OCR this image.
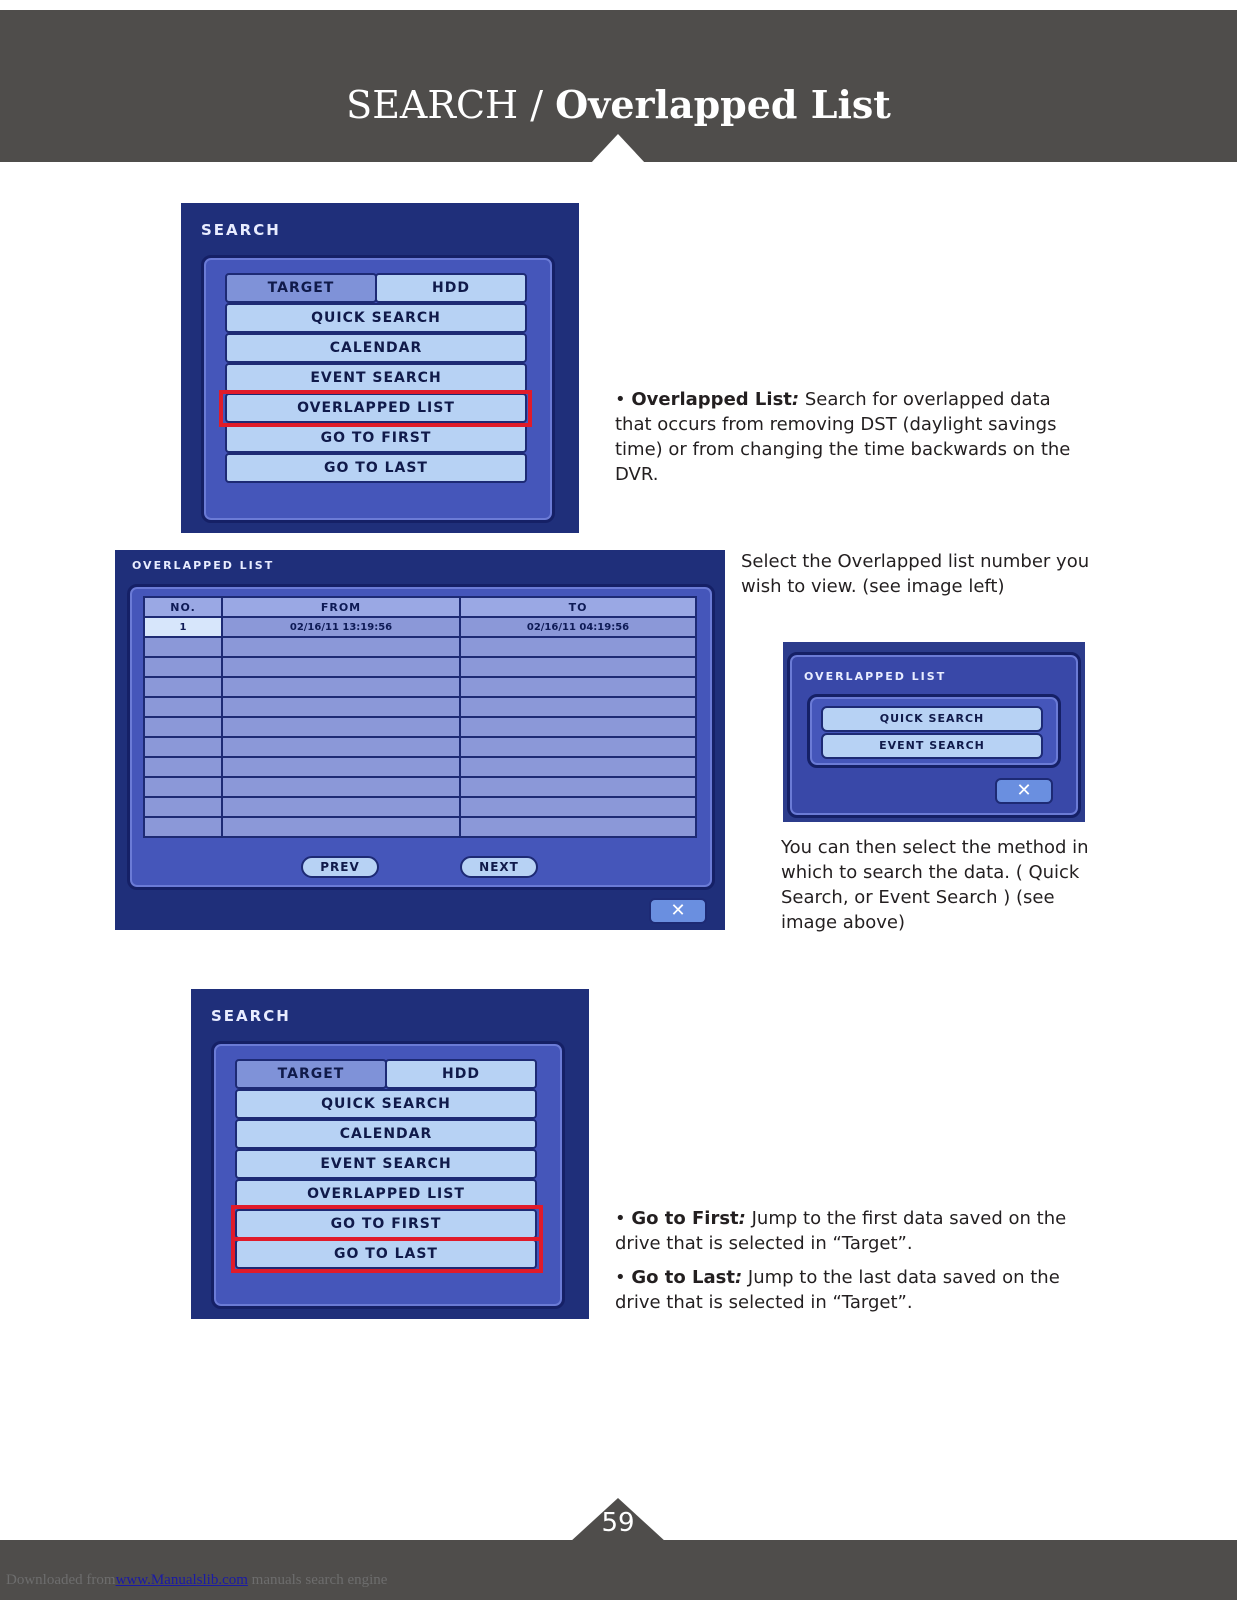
SEARCH / Overlapped List
SEARCH
TARGET	HDD
QUICK SEARCH
CALENDAR
EVENT SEARCH
OVERLAPPED LIST
GO TO FIRST
GO TO LAST
• Overlapped List: Search for overlapped data that occurs from removing DST (daylight savings time) or from changing the time backwards on the DVR.
OVERLAPPED LIST
NO.	FROM	TO
1	02/16/11 13:19:56	02/16/11 04:19:56

PREV	NEXT
✕
Select the Overlapped list number you wish to view. (see image left)
OVERLAPPED LIST
QUICK SEARCH
EVENT SEARCH
✕
You can then select the method in which to search the data. ( Quick Search, or Event Search ) (see image above)
SEARCH
TARGET	HDD
QUICK SEARCH
CALENDAR
EVENT SEARCH
OVERLAPPED LIST
GO TO FIRST
GO TO LAST
• Go to First: Jump to the first data saved on the drive that is selected in “Target”.
• Go to Last: Jump to the last data saved on the drive that is selected in “Target”.
59
Downloaded fromwww.Manualslib.com manuals search engine
